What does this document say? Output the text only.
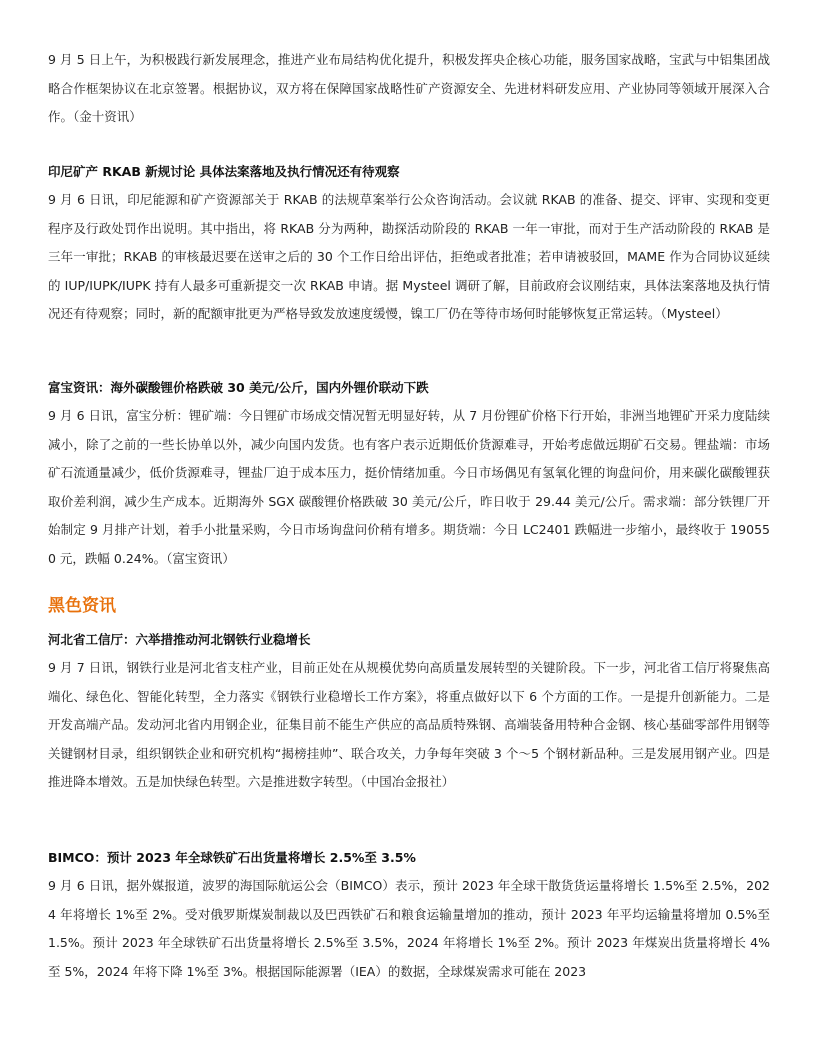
9 月 5 日上午，为积极践行新发展理念，推进产业布局结构优化提升，积极发挥央企核心功能，服务国家战略，宝武与中铝集团战略合作框架协议在北京签署。根据协议，双方将在保障国家战略性矿产资源安全、先进材料研发应用、产业协同等领域开展深入合作。（金十资讯）

印尼矿产 RKAB 新规讨论 具体法案落地及执行情况还有待观察

9 月 6 日讯，印尼能源和矿产资源部关于 RKAB 的法规草案举行公众咨询活动。会议就 RKAB 的准备、提交、评审、实现和变更程序及行政处罚作出说明。其中指出，将 RKAB 分为两种，勘探活动阶段的 RKAB 一年一审批，而对于生产活动阶段的 RKAB 是三年一审批；RKAB 的审核最迟要在送审之后的 30 个工作日给出评估，拒绝或者批准；若申请被驳回，MAME 作为合同协议延续的 IUP/IUPK/IUPK 持有人最多可重新提交一次 RKAB 申请。据 Mysteel 调研了解，目前政府会议刚结束，具体法案落地及执行情况还有待观察；同时，新的配额审批更为严格导致发放速度缓慢，镍工厂仍在等待市场何时能够恢复正常运转。（Mysteel）

富宝资讯：海外碳酸锂价格跌破 30 美元/公斤，国内外锂价联动下跌

9 月 6 日讯，富宝分析：锂矿端：今日锂矿市场成交情况暂无明显好转，从 7 月份锂矿价格下行开始，非洲当地锂矿开采力度陆续减小，除了之前的一些长协单以外，减少向国内发货。也有客户表示近期低价货源难寻，开始考虑做远期矿石交易。锂盐端：市场矿石流通量减少，低价货源难寻，锂盐厂迫于成本压力，挺价情绪加重。今日市场偶见有氢氧化锂的询盘问价，用来碳化碳酸锂获取价差利润，减少生产成本。近期海外 SGX 碳酸锂价格跌破 30 美元/公斤，昨日收于 29.44 美元/公斤。需求端：部分铁锂厂开始制定 9 月排产计划，着手小批量采购，今日市场询盘问价稍有增多。期货端：今日 LC2401 跌幅进一步缩小，最终收于 190550 元，跌幅 0.24%。（富宝资讯）

黑色资讯

河北省工信厅：六举措推动河北钢铁行业稳增长

9 月 7 日讯，钢铁行业是河北省支柱产业，目前正处在从规模优势向高质量发展转型的关键阶段。下一步，河北省工信厅将聚焦高端化、绿色化、智能化转型，全力落实《钢铁行业稳增长工作方案》，将重点做好以下 6 个方面的工作。一是提升创新能力。二是开发高端产品。发动河北省内用钢企业，征集目前不能生产供应的高品质特殊钢、高端装备用特种合金钢、核心基础零部件用钢等关键钢材目录，组织钢铁企业和研究机构“揭榜挂帅”、联合攻关，力争每年突破 3 个～5 个钢材新品种。三是发展用钢产业。四是推进降本增效。五是加快绿色转型。六是推进数字转型。（中国冶金报社）

BIMCO：预计 2023 年全球铁矿石出货量将增长 2.5%至 3.5%

9 月 6 日讯，据外媒报道，波罗的海国际航运公会（BIMCO）表示，预计 2023 年全球干散货货运量将增长 1.5%至 2.5%，2024 年将增长 1%至 2%。受对俄罗斯煤炭制裁以及巴西铁矿石和粮食运输量增加的推动，预计 2023 年平均运输量将增加 0.5%至 1.5%。预计 2023 年全球铁矿石出货量将增长 2.5%至 3.5%，2024 年将增长 1%至 2%。预计 2023 年煤炭出货量将增长 4%至 5%，2024 年将下降 1%至 3%。根据国际能源署（IEA）的数据，全球煤炭需求可能在 2023
